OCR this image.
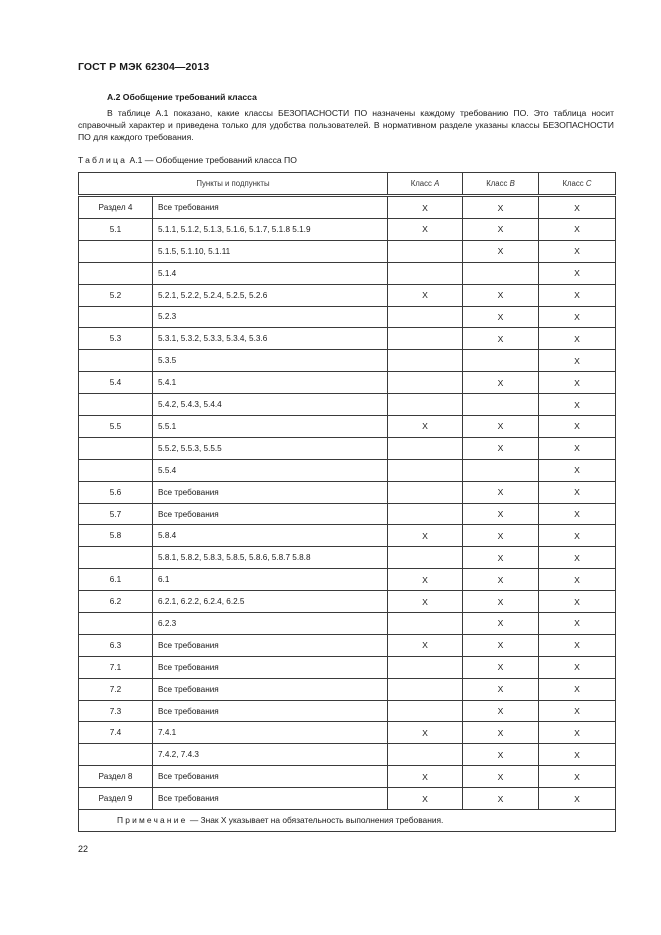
ГОСТ Р МЭК 62304—2013
А.2 Обобщение требований класса
В таблице А.1 показано, какие классы БЕЗОПАСНОСТИ ПО назначены каждому требованию ПО. Это таблица носит справочный характер и приведена только для удобства пользователей. В нормативном разделе указаны классы БЕЗОПАСНОСТИ ПО для каждого требования.
Таблица А.1 — Обобщение требований класса ПО
Пункты и подпункты		Класс A	Класс B	Класс C

Раздел 4	Все требования	X	X	X
5.1	5.1.1, 5.1.2, 5.1.3, 5.1.6, 5.1.7, 5.1.8 5.1.9	X	X	X
	5.1.5, 5.1.10, 5.1.11		X	X
	5.1.4			X
5.2	5.2.1, 5.2.2, 5.2.4, 5.2.5, 5.2.6	X	X	X
	5.2.3		X	X
5.3	5.3.1, 5.3.2, 5.3.3, 5.3.4, 5.3.6		X	X
	5.3.5			X
5.4	5.4.1		X	X
	5.4.2, 5.4.3, 5.4.4			X
5.5	5.5.1	X	X	X
	5.5.2, 5.5.3, 5.5.5		X	X
	5.5.4			X
5.6	Все требования		X	X
5.7	Все требования		X	X
5.8	5.8.4	X	X	X
	5.8.1, 5.8.2, 5.8.3, 5.8.5, 5.8.6, 5.8.7 5.8.8		X	X
6.1	6.1	X	X	X
6.2	6.2.1, 6.2.2, 6.2.4, 6.2.5	X	X	X
	6.2.3		X	X
6.3	Все требования	X	X	X
7.1	Все требования		X	X
7.2	Все требования		X	X
7.3	Все требования		X	X
7.4	7.4.1	X	X	X
	7.4.2, 7.4.3		X	X
Раздел 8	Все требования	X	X	X
Раздел 9	Все требования	X	X	X
Примечание — Знак X указывает на обязательность выполнения требования.				
22
